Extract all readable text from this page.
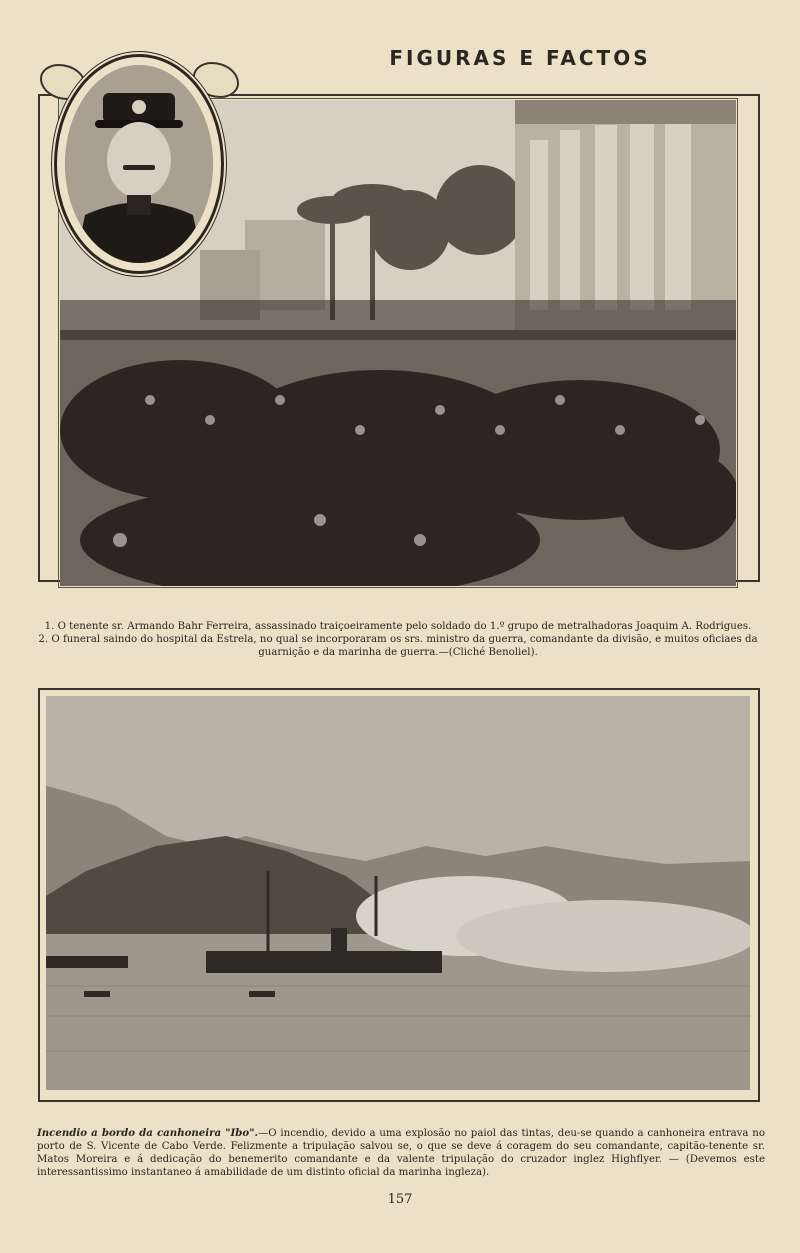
FIGURAS E FACTOS

1. O tenente sr. Armando Bahr Ferreira, assassinado traiçoeiramente pelo soldado do 1.º grupo de metralhadoras Joaquim A. Rodrigues.

2. O funeral saindo do hospital da Estrela, no qual se incorporaram os srs. ministro da guerra, comandante da divisão, e muitos oficiaes da guarnição e da marinha de guerra.—(Cliché Benoliel).

Incendio a bordo da canhoneira "Ibo".—O incendio, devido a uma explosão no paiol das tintas, deu-se quando a canhoneira entrava no porto de S. Vicente de Cabo Verde. Felizmente a tripulação salvou se, o que se deve á coragem do seu comandante, capitão-tenente sr. Matos Moreira e á dedicação do benemerito comandante e da valente tripulação do cruzador inglez Highflyer. — (Devemos este interessantissimo instantaneo á amabilidade de um distinto oficial da marinha ingleza).
157
